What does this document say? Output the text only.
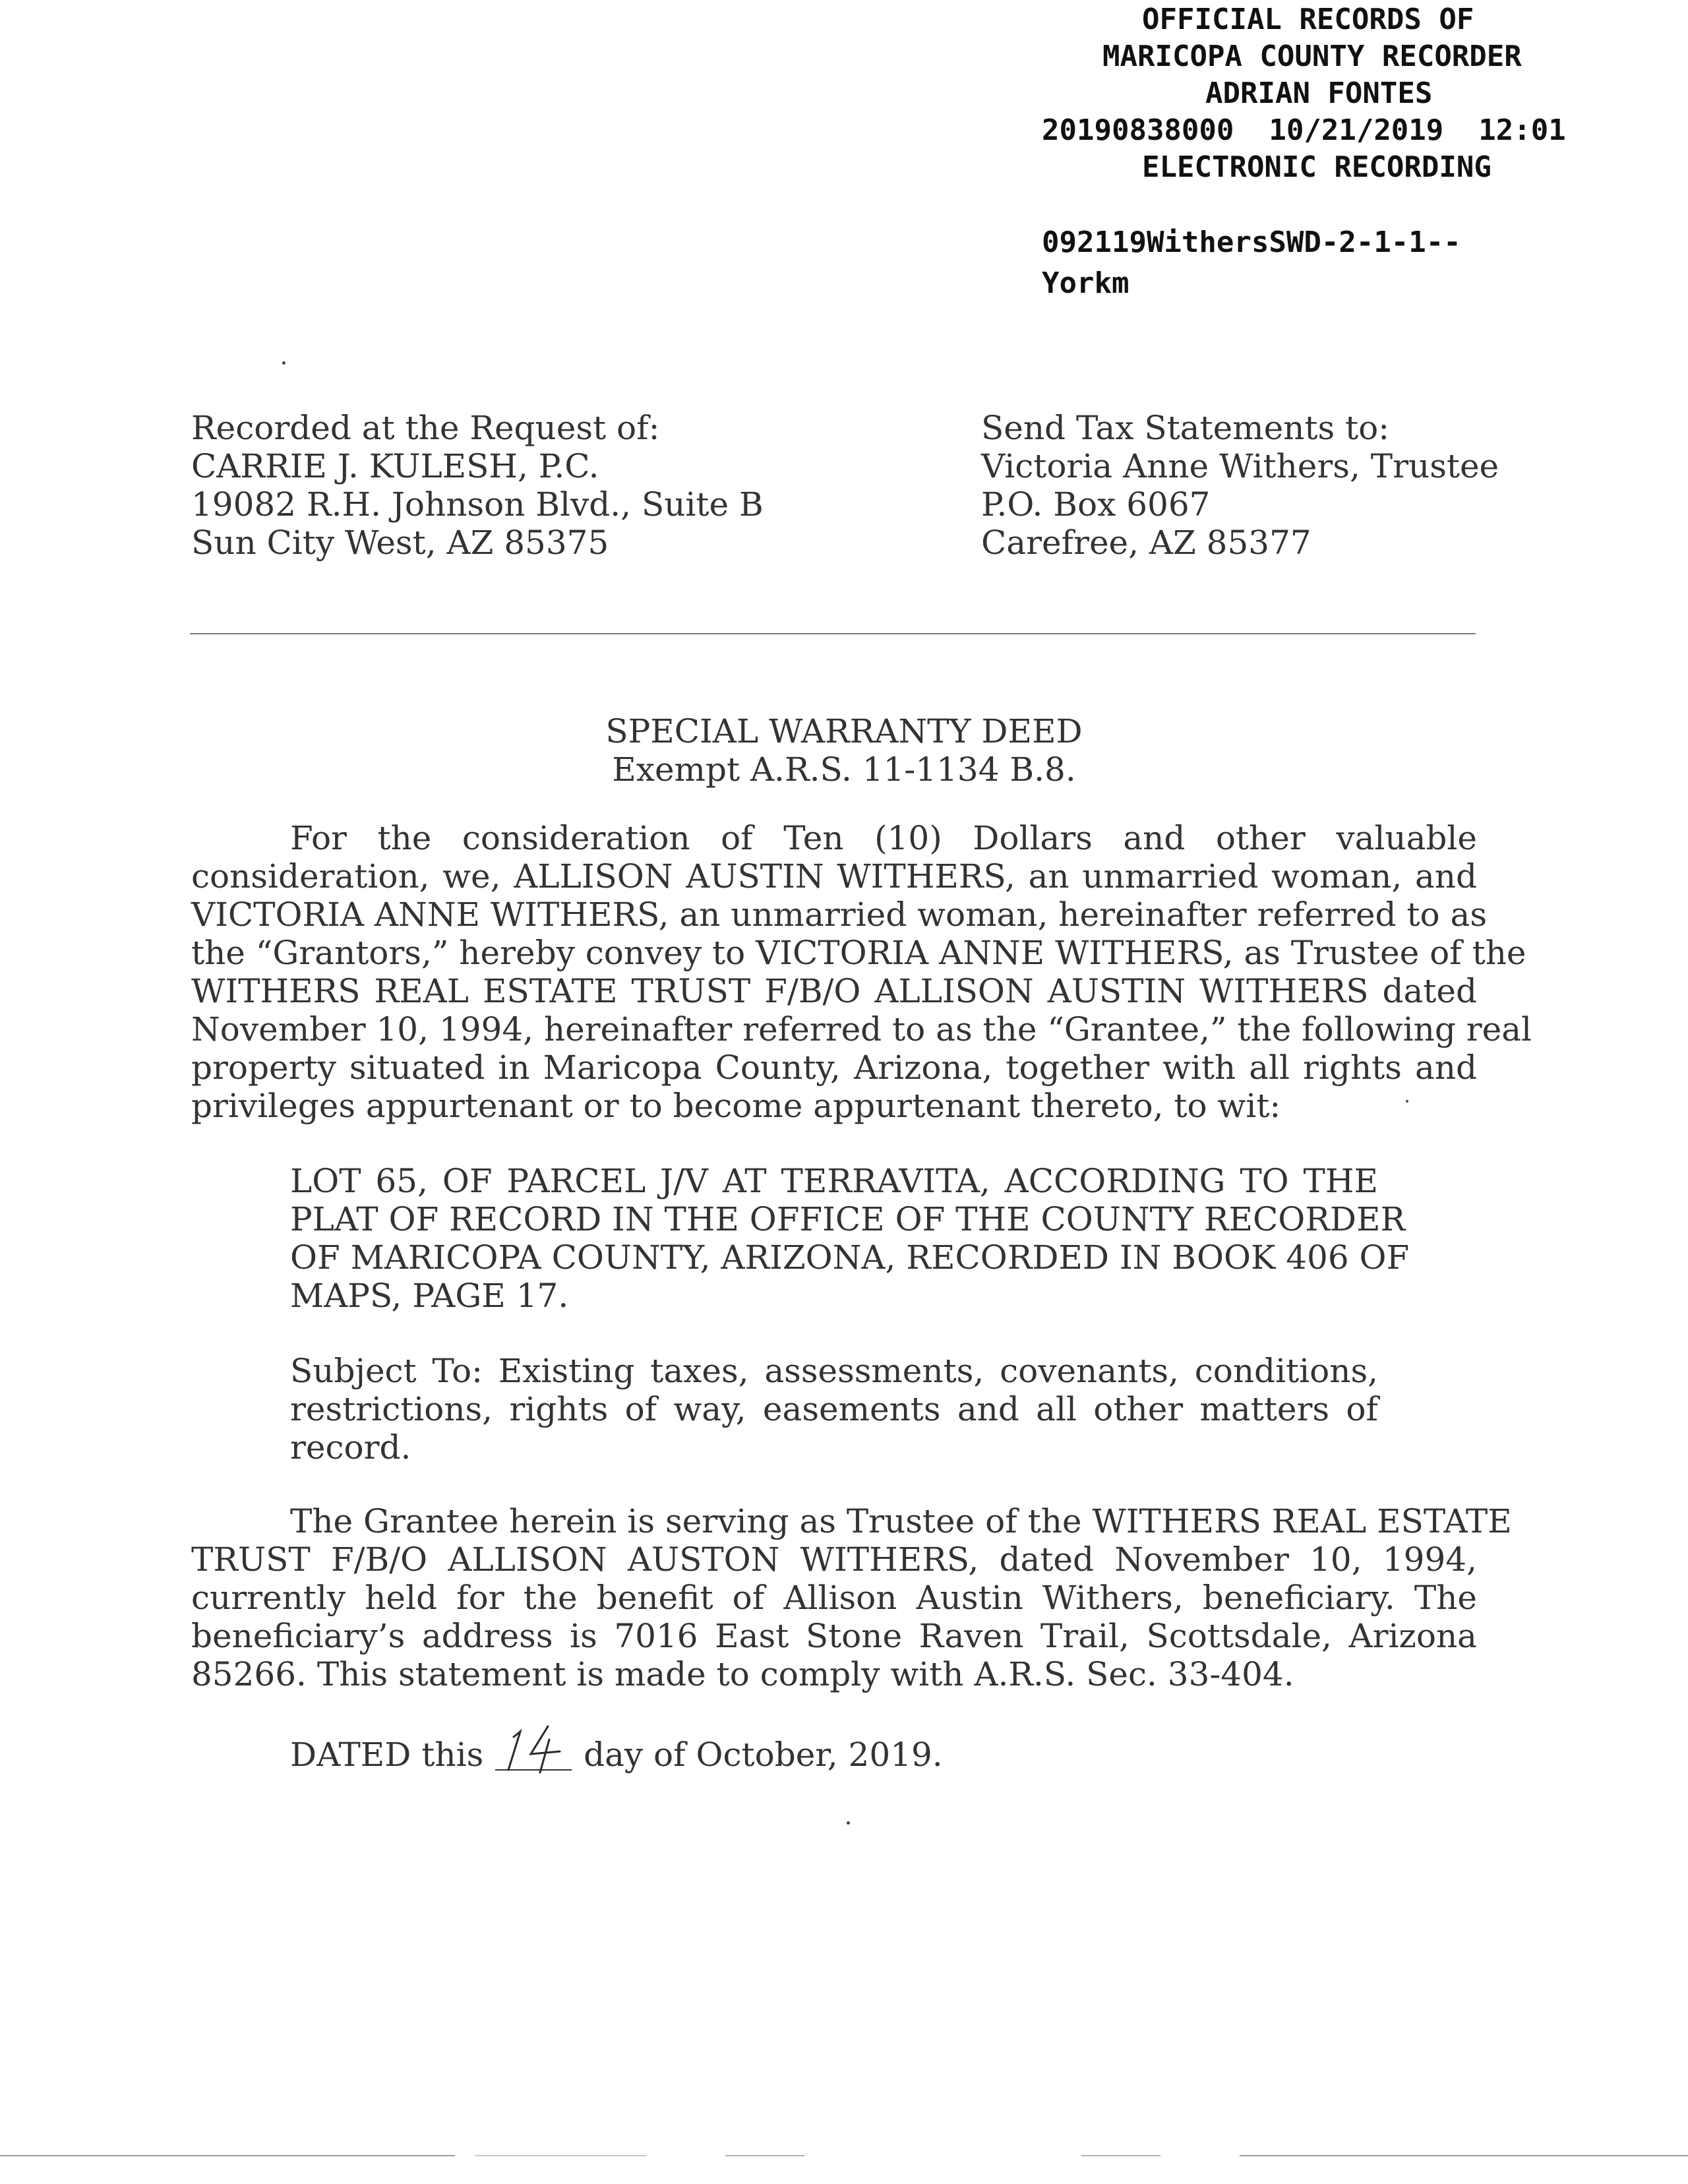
OFFICIAL RECORDS OF
MARICOPA COUNTY RECORDER
ADRIAN FONTES
20190838000  10/21/2019  12:01
ELECTRONIC RECORDING
092119WithersSWD-2-1-1--
Yorkm
Recorded at the Request of:
CARRIE J. KULESH, P.C.
19082 R.H. Johnson Blvd., Suite B
Sun City West, AZ 85375
Send Tax Statements to:
Victoria Anne Withers, Trustee
P.O. Box 6067
Carefree, AZ 85377
SPECIAL WARRANTY DEED
Exempt A.R.S. 11-1134 B.8.
For the consideration of Ten (10) Dollars and other valuable
consideration, we, ALLISON AUSTIN WITHERS, an unmarried woman, and
VICTORIA ANNE WITHERS, an unmarried woman, hereinafter referred to as
the “Grantors,” hereby convey to VICTORIA ANNE WITHERS, as Trustee of the
WITHERS REAL ESTATE TRUST F/B/O ALLISON AUSTIN WITHERS dated
November 10, 1994, hereinafter referred to as the “Grantee,” the following real
property situated in Maricopa County, Arizona, together with all rights and
privileges appurtenant or to become appurtenant thereto, to wit:
LOT 65, OF PARCEL J/V AT TERRAVITA, ACCORDING TO THE
PLAT OF RECORD IN THE OFFICE OF THE COUNTY RECORDER
OF MARICOPA COUNTY, ARIZONA, RECORDED IN BOOK 406 OF
MAPS, PAGE 17.
Subject To: Existing taxes, assessments, covenants, conditions,
restrictions, rights of way, easements and all other matters of
record.
The Grantee herein is serving as Trustee of the WITHERS REAL ESTATE
TRUST F/B/O ALLISON AUSTON WITHERS, dated November 10, 1994,
currently held for the benefit of Allison Austin Withers, beneficiary. The
beneficiary’s address is 7016 East Stone Raven Trail, Scottsdale, Arizona
85266. This statement is made to comply with A.R.S. Sec. 33-404.
DATED this	day of October, 2019.
